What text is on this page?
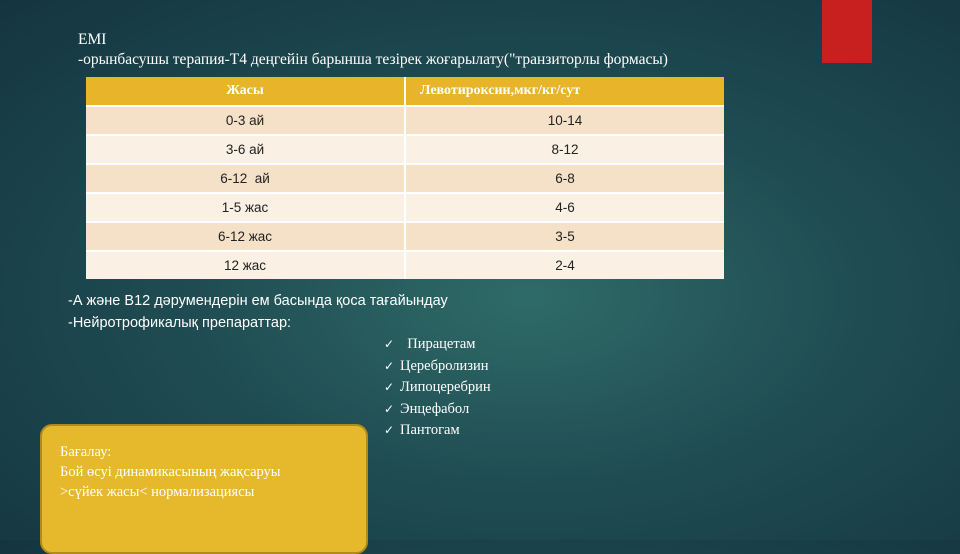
ЕМІ
-орынбасушы терапия-Т4 деңгейін барынша тезірек жоғарылату("транзиторлы формасы)
Жасы	Левотироксин,мкг/кг/сут
0-3 ай	10-14
3-6 ай	8-12
6-12  ай	6-8
1-5 жас	4-6
6-12 жас	3-5
12 жас	2-4
-А және В12 дәрумендерін ем басында қоса тағайындау
-Нейротрофикалық препараттар:
✓  Пирацетам
✓ Церебролизин
✓ Липоцеребрин
✓ Энцефабол
✓ Пантогам
Бағалау:
Бой өсуі динамикасының жақсаруы
>сүйек жасы< нормализациясы
